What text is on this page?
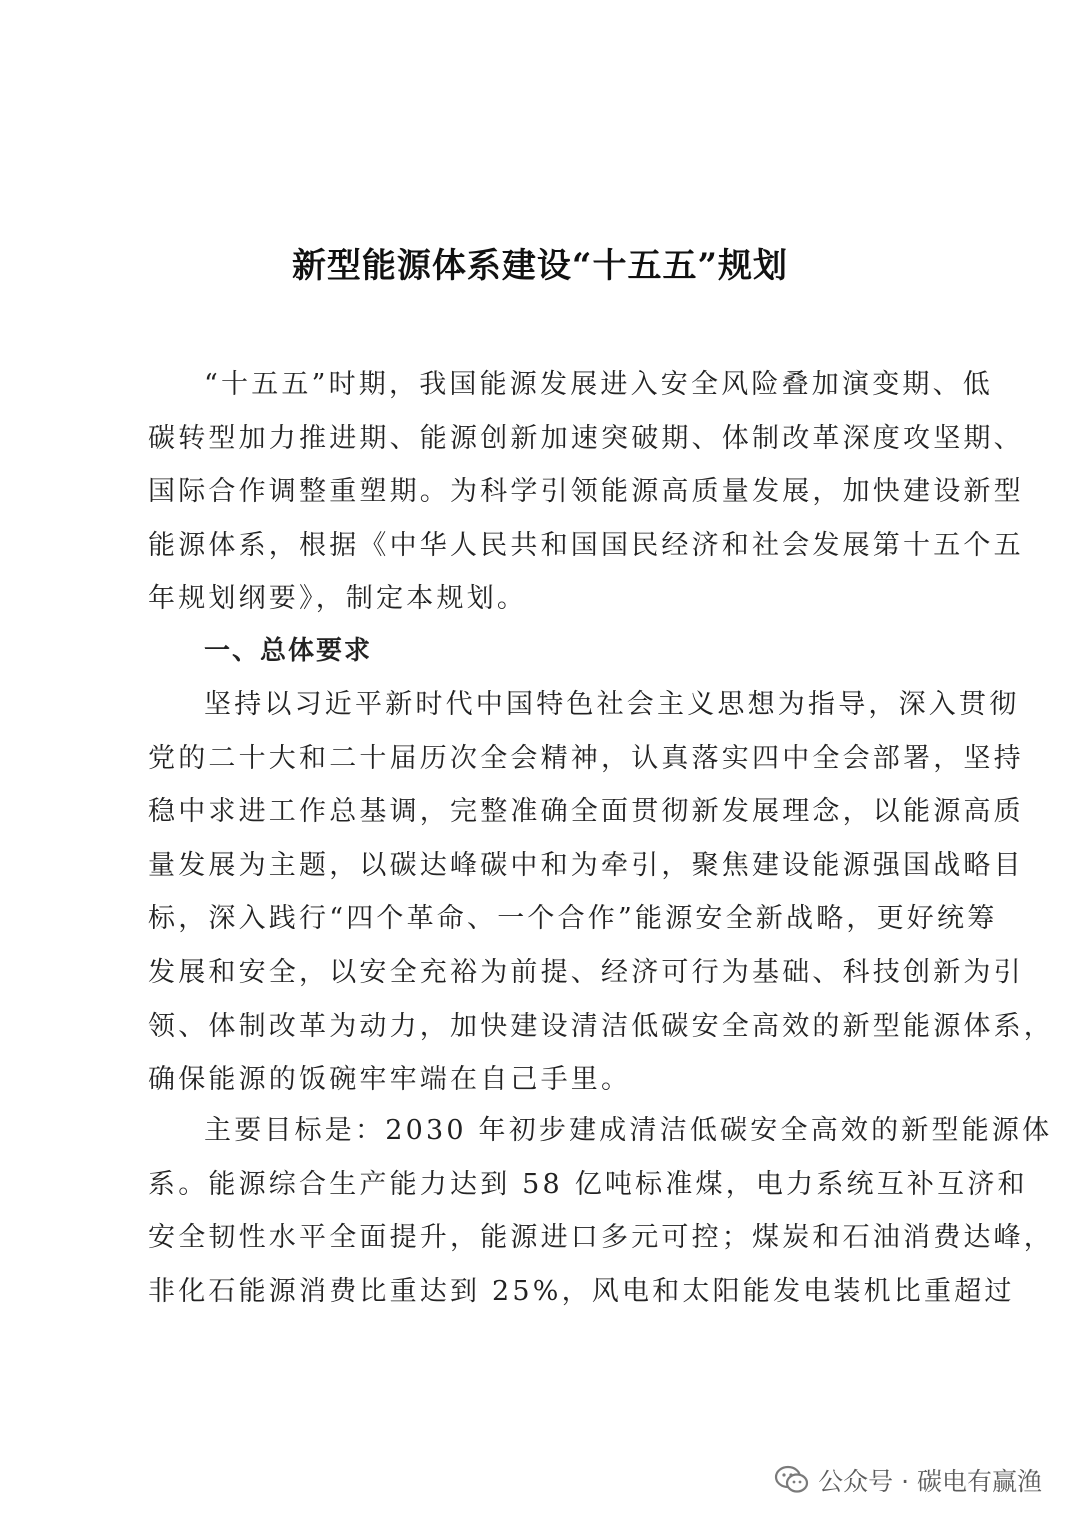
新型能源体系建设“十五五”规划
“十五五”时期，我国能源发展进入安全风险叠加演变期、低
碳转型加力推进期、能源创新加速突破期、体制改革深度攻坚期、
国际合作调整重塑期。为科学引领能源高质量发展，加快建设新型
能源体系，根据《中华人民共和国国民经济和社会发展第十五个五
年规划纲要》，制定本规划。
一、总体要求
坚持以习近平新时代中国特色社会主义思想为指导，深入贯彻
党的二十大和二十届历次全会精神，认真落实四中全会部署，坚持
稳中求进工作总基调，完整准确全面贯彻新发展理念，以能源高质
量发展为主题，以碳达峰碳中和为牵引，聚焦建设能源强国战略目
标，深入践行“四个革命、一个合作”能源安全新战略，更好统筹
发展和安全，以安全充裕为前提、经济可行为基础、科技创新为引
领、体制改革为动力，加快建设清洁低碳安全高效的新型能源体系，
确保能源的饭碗牢牢端在自己手里。
主要目标是：2030 年初步建成清洁低碳安全高效的新型能源体
系。能源综合生产能力达到 58 亿吨标准煤，电力系统互补互济和
安全韧性水平全面提升，能源进口多元可控；煤炭和石油消费达峰，
非化石能源消费比重达到 25%，风电和太阳能发电装机比重超过
公众号 · 碳电有赢渔
